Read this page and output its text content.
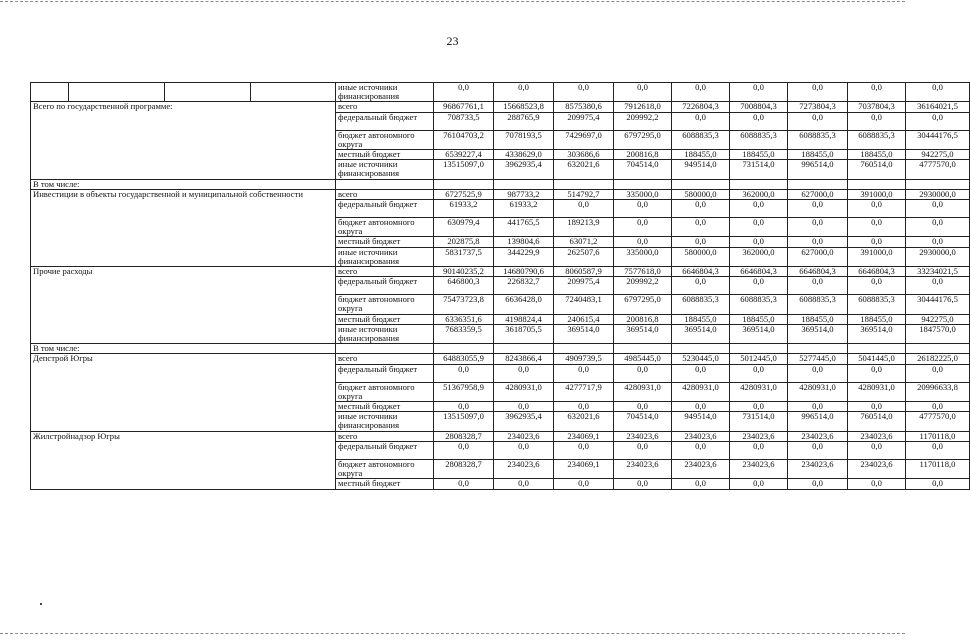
23
				иные источники финансирования	0,0	0,0	0,0	0,0	0,0	0,0	0,0	0,0	0,0
Всего по государственной программе:				всего	96867761,1	15668523,8	8575380,6	7912618,0	7226804,3	7008804,3	7273804,3	7037804,3	36164021,5
				федеральный бюджет	708733,5	288765,9	209975,4	209992,2	0,0	0,0	0,0	0,0	0,0
				бюджет автономного округа	76104703,2	7078193,5	7429697,0	6797295,0	6088835,3	6088835,3	6088835,3	6088835,3	30444176,5
				местный бюджет	6539227,4	4338629,0	303686,6	200816,8	188455,0	188455,0	188455,0	188455,0	942275,0
				иные источники финансирования	13515097,0	3962935,4	632021,6	704514,0	949514,0	731514,0	996514,0	760514,0	4777570,0
В том числе:													
Инвестиции в объекты государственной и муниципальной собственности				всего	6727525,9	987733,2	514792,7	335000,0	580000,0	362000,0	627000,0	391000,0	2930000,0
				федеральный бюджет	61933,2	61933,2	0,0	0,0	0,0	0,0	0,0	0,0	0,0
				бюджет автономного округа	630979,4	441765,5	189213,9	0,0	0,0	0,0	0,0	0,0	0,0
				местный бюджет	202875,8	139804,6	63071,2	0,0	0,0	0,0	0,0	0,0	0,0
				иные источники финансирования	5831737,5	344229,9	262507,6	335000,0	580000,0	362000,0	627000,0	391000,0	2930000,0
Прочие расходы				всего	90140235,2	14680790,6	8060587,9	7577618,0	6646804,3	6646804,3	6646804,3	6646804,3	33234021,5
				федеральный бюджет	646800,3	226832,7	209975,4	209992,2	0,0	0,0	0,0	0,0	0,0
				бюджет автономного округа	75473723,8	6636428,0	7240483,1	6797295,0	6088835,3	6088835,3	6088835,3	6088835,3	30444176,5
				местный бюджет	6336351,6	4198824,4	240615,4	200816,8	188455,0	188455,0	188455,0	188455,0	942275,0
				иные источники финансирования	7683359,5	3618705,5	369514,0	369514,0	369514,0	369514,0	369514,0	369514,0	1847570,0
В том числе:													
Депстрой Югры				всего	64883055,9	8243866,4	4909739,5	4985445,0	5230445,0	5012445,0	5277445,0	5041445,0	26182225,0
				федеральный бюджет	0,0	0,0	0,0	0,0	0,0	0,0	0,0	0,0	0,0
				бюджет автономного округа	51367958,9	4280931,0	4277717,9	4280931,0	4280931,0	4280931,0	4280931,0	4280931,0	20996633,8
				местный бюджет	0,0	0,0	0,0	0,0	0,0	0,0	0,0	0,0	0,0
				иные источники финансирования	13515097,0	3962935,4	632021,6	704514,0	949514,0	731514,0	996514,0	760514,0	4777570,0
Жилстройнадзор Югры				всего	2808328,7	234023,6	234069,1	234023,6	234023,6	234023,6	234023,6	234023,6	1170118,0
				федеральный бюджет	0,0	0,0	0,0	0,0	0,0	0,0	0,0	0,0	0,0
				бюджет автономного округа	2808328,7	234023,6	234069,1	234023,6	234023,6	234023,6	234023,6	234023,6	1170118,0
				местный бюджет	0,0	0,0	0,0	0,0	0,0	0,0	0,0	0,0	0,0
